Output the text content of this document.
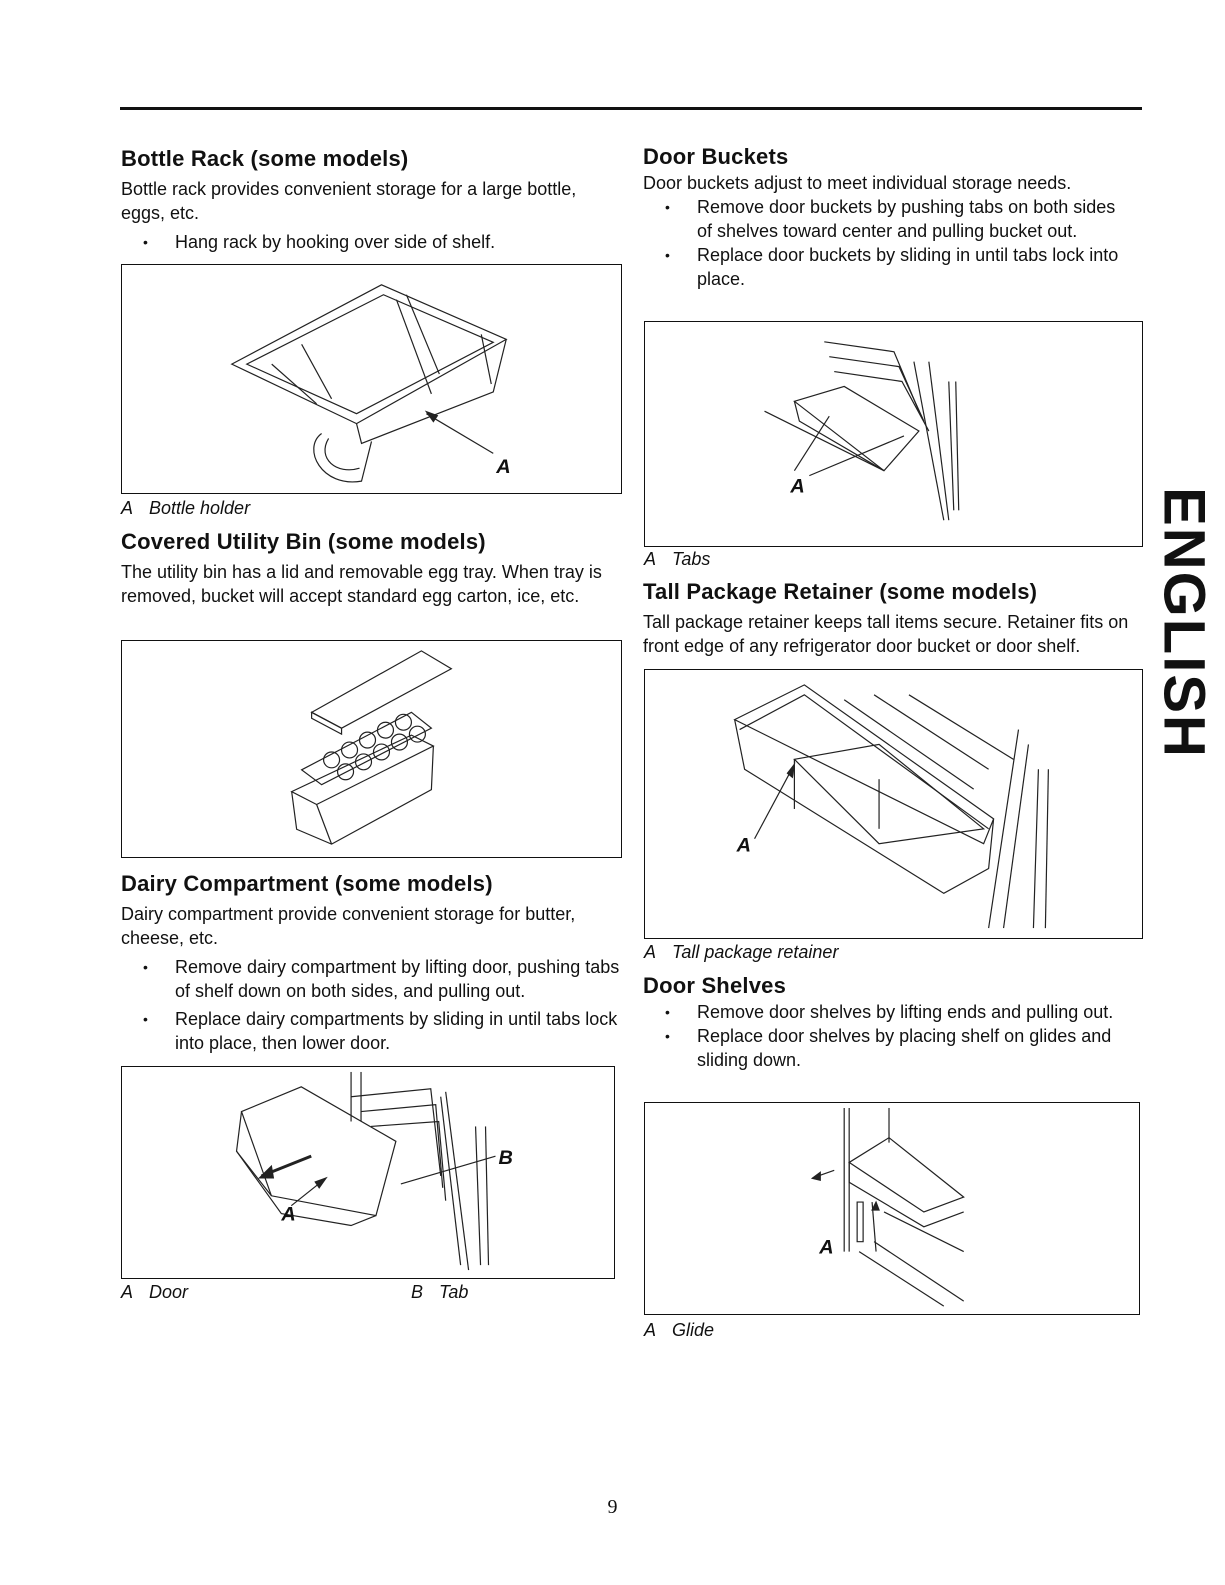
Bottle Rack (some models)

Bottle rack provides convenient storage for a large bottle, eggs, etc.

• Hang rack by hooking over side of shelf.
A
A Bottle holder
Covered Utility Bin (some models)

The utility bin has a lid and removable egg tray. When tray is removed, bucket will accept standard egg carton, ice, etc.

Dairy Compartment (some models)

Dairy compartment provide convenient storage for butter, cheese, etc.

• Remove dairy compartment by lifting door, pushing tabs of shelf down on both sides, and pulling out.
• Replace dairy compartments by sliding in until tabs lock into place, then lower door.
A
B
A Door	B Tab
Door Buckets

Door buckets adjust to meet individual storage needs.

• Remove door buckets by pushing tabs on both sides of shelves toward center and pulling bucket out.
• Replace door buckets by sliding in until tabs lock into place.
A
A Tabs
Tall Package Retainer (some models)

Tall package retainer keeps tall items secure. Retainer fits on front edge of any refrigerator door bucket or door shelf.

A
A Tall package retainer
Door Shelves
• Remove door shelves by lifting ends and pulling out.
• Replace door shelves by placing shelf on glides and sliding down.
A
A Glide
ENGLISH
9
